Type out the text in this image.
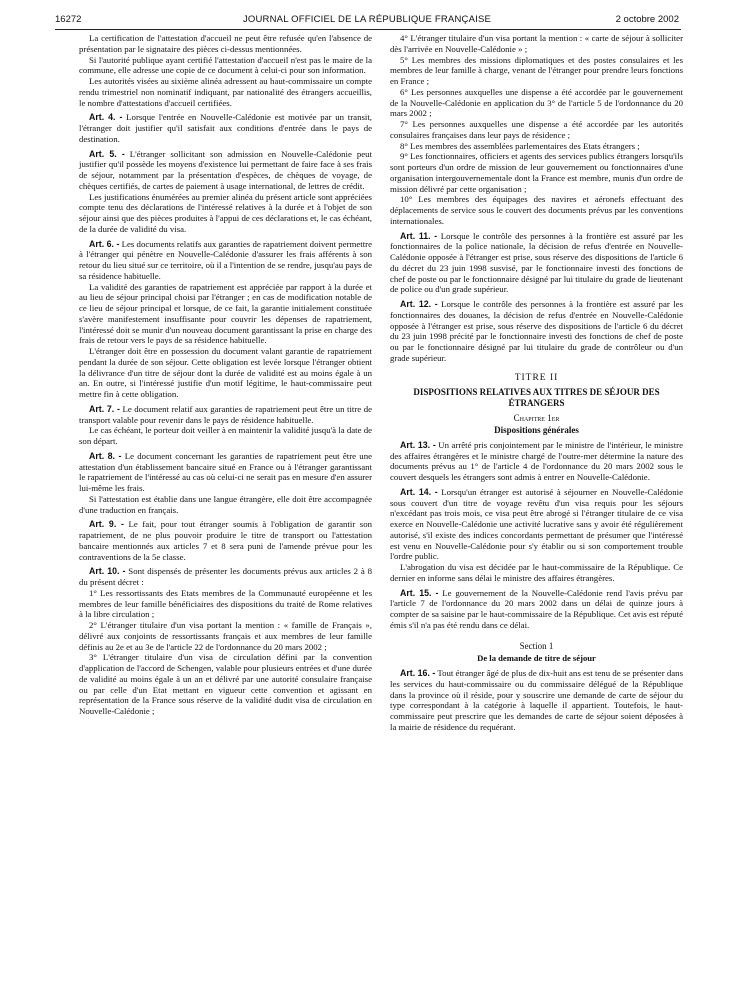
16272	JOURNAL OFFICIEL DE LA RÉPUBLIQUE FRANÇAISE	2 octobre 2002

La certification de l'attestation d'accueil ne peut être refusée qu'en l'absence de présentation par le signataire des pièces ci-dessus mentionnées.

Si l'autorité publique ayant certifié l'attestation d'accueil n'est pas le maire de la commune, elle adresse une copie de ce document à celui-ci pour son information.

Les autorités visées au sixième alinéa adressent au haut-commissaire un compte rendu trimestriel non nominatif indiquant, par nationalité des étrangers accueillis, le nombre d'attestations d'accueil certifiées.

Art. 4. - Lorsque l'entrée en Nouvelle-Calédonie est motivée par un transit, l'étranger doit justifier qu'il satisfait aux conditions d'entrée dans le pays de destination.

Art. 5. - L'étranger sollicitant son admission en Nouvelle-Calédonie peut justifier qu'il possède les moyens d'existence lui permettant de faire face à ses frais de séjour, notamment par la présentation d'espèces, de chèques de voyage, de chèques certifiés, de cartes de paiement à usage international, de lettres de crédit.

Les justifications énumérées au premier alinéa du présent article sont appréciées compte tenu des déclarations de l'intéressé relatives à la durée et à l'objet de son séjour ainsi que des pièces produites à l'appui de ces déclarations et, le cas échéant, de la durée de validité du visa.

Art. 6. - Les documents relatifs aux garanties de rapatriement doivent permettre à l'étranger qui pénètre en Nouvelle-Calédonie d'assurer les frais afférents à son retour du lieu situé sur ce territoire, où il a l'intention de se rendre, jusqu'au pays de sa résidence habituelle.

La validité des garanties de rapatriement est appréciée par rapport à la durée et au lieu de séjour principal choisi par l'étranger ; en cas de modification notable de ce lieu de séjour principal et lorsque, de ce fait, la garantie initialement constituée s'avère manifestement insuffisante pour couvrir les dépenses de rapatriement, l'intéressé doit se munir d'un nouveau document garantissant la prise en charge des frais de retour vers le pays de sa résidence habituelle.

L'étranger doit être en possession du document valant garantie de rapatriement pendant la durée de son séjour. Cette obligation est levée lorsque l'étranger obtient la délivrance d'un titre de séjour dont la durée de validité est au moins égale à un an. En outre, si l'intéressé justifie d'un motif légitime, le haut-commissaire peut mettre fin à cette obligation.

Art. 7. - Le document relatif aux garanties de rapatriement peut être un titre de transport valable pour revenir dans le pays de résidence habituelle.

Le cas échéant, le porteur doit veiller à en maintenir la validité jusqu'à la date de son départ.

Art. 8. - Le document concernant les garanties de rapatriement peut être une attestation d'un établissement bancaire situé en France ou à l'étranger garantissant le rapatriement de l'intéressé au cas où celui-ci ne serait pas en mesure d'en assurer lui-même les frais.

Si l'attestation est établie dans une langue étrangère, elle doit être accompagnée d'une traduction en français.

Art. 9. - Le fait, pour tout étranger soumis à l'obligation de garantir son rapatriement, de ne plus pouvoir produire le titre de transport ou l'attestation bancaire mentionnés aux articles 7 et 8 sera puni de l'amende prévue pour les contraventions de la 5e classe.

Art. 10. - Sont dispensés de présenter les documents prévus aux articles 2 à 8 du présent décret :

1° Les ressortissants des Etats membres de la Communauté européenne et les membres de leur famille bénéficiaires des dispositions du traité de Rome relatives à la libre circulation ;

2° L'étranger titulaire d'un visa portant la mention : « famille de Français », délivré aux conjoints de ressortissants français et aux membres de leur famille définis au 2e et au 3e de l'article 22 de l'ordonnance du 20 mars 2002 ;

3° L'étranger titulaire d'un visa de circulation défini par la convention d'application de l'accord de Schengen, valable pour plusieurs entrées et d'une durée de validité au moins égale à un an et délivré par une autorité consulaire française ou par celle d'un Etat mettant en vigueur cette convention et agissant en représentation de la France sous réserve de la validité dudit visa de circulation en Nouvelle-Calédonie ;

4° L'étranger titulaire d'un visa portant la mention : « carte de séjour à solliciter dès l'arrivée en Nouvelle-Calédonie » ;

5° Les membres des missions diplomatiques et des postes consulaires et les membres de leur famille à charge, venant de l'étranger pour prendre leurs fonctions en France ;

6° Les personnes auxquelles une dispense a été accordée par le gouvernement de la Nouvelle-Calédonie en application du 3° de l'article 5 de l'ordonnance du 20 mars 2002 ;

7° Les personnes auxquelles une dispense a été accordée par les autorités consulaires françaises dans leur pays de résidence ;

8° Les membres des assemblées parlementaires des Etats étrangers ;

9° Les fonctionnaires, officiers et agents des services publics étrangers lorsqu'ils sont porteurs d'un ordre de mission de leur gouvernement ou fonctionnaires d'une organisation intergouvernementale dont la France est membre, munis d'un ordre de mission délivré par cette organisation ;

10° Les membres des équipages des navires et aéronefs effectuant des déplacements de service sous le couvert des documents prévus par les conventions internationales.

Art. 11. - Lorsque le contrôle des personnes à la frontière est assuré par les fonctionnaires de la police nationale, la décision de refus d'entrée en Nouvelle-Calédonie opposée à l'étranger est prise, sous réserve des dispositions de l'article 6 du décret du 23 juin 1998 susvisé, par le fonctionnaire investi des fonctions de chef de poste ou par le fonctionnaire désigné par lui titulaire du grade de lieutenant de police ou d'un grade supérieur.

Art. 12. - Lorsque le contrôle des personnes à la frontière est assuré par les fonctionnaires des douanes, la décision de refus d'entrée en Nouvelle-Calédonie opposée à l'étranger est prise, sous réserve des dispositions de l'article 6 du décret du 23 juin 1998 précité par le fonctionnaire investi des fonctions de chef de poste ou par le fonctionnaire désigné par lui titulaire du grade de contrôleur ou d'un grade supérieur.

TITRE II
DISPOSITIONS RELATIVES AUX TITRES DE SÉJOUR DES ÉTRANGERS
Chapitre 1er
Dispositions générales

Art. 13. - Un arrêté pris conjointement par le ministre de l'intérieur, le ministre des affaires étrangères et le ministre chargé de l'outre-mer détermine la nature des documents prévus au 1° de l'article 4 de l'ordonnance du 20 mars 2002 sous le couvert desquels les étrangers sont admis à entrer en Nouvelle-Calédonie.

Art. 14. - Lorsqu'un étranger est autorisé à séjourner en Nouvelle-Calédonie sous couvert d'un titre de voyage revêtu d'un visa requis pour les séjours n'excédant pas trois mois, ce visa peut être abrogé si l'étranger titulaire de ce visa exerce en Nouvelle-Calédonie une activité lucrative sans y avoir été régulièrement autorisé, s'il existe des indices concordants permettant de présumer que l'intéressé est venu en Nouvelle-Calédonie pour s'y établir ou si son comportement trouble l'ordre public.

L'abrogation du visa est décidée par le haut-commissaire de la République. Ce dernier en informe sans délai le ministre des affaires étrangères.

Art. 15. - Le gouvernement de la Nouvelle-Calédonie rend l'avis prévu par l'article 7 de l'ordonnance du 20 mars 2002 dans un délai de quinze jours à compter de sa saisine par le haut-commissaire de la République. Cet avis est réputé émis s'il n'a pas été rendu dans ce délai.

Section 1
De la demande de titre de séjour

Art. 16. - Tout étranger âgé de plus de dix-huit ans est tenu de se présenter dans les services du haut-commissaire ou du commissaire délégué de la République dans la province où il réside, pour y souscrire une demande de carte de séjour du type correspondant à la catégorie à laquelle il appartient. Toutefois, le haut-commissaire peut prescrire que les demandes de carte de séjour soient déposées à la mairie de résidence du requérant.
